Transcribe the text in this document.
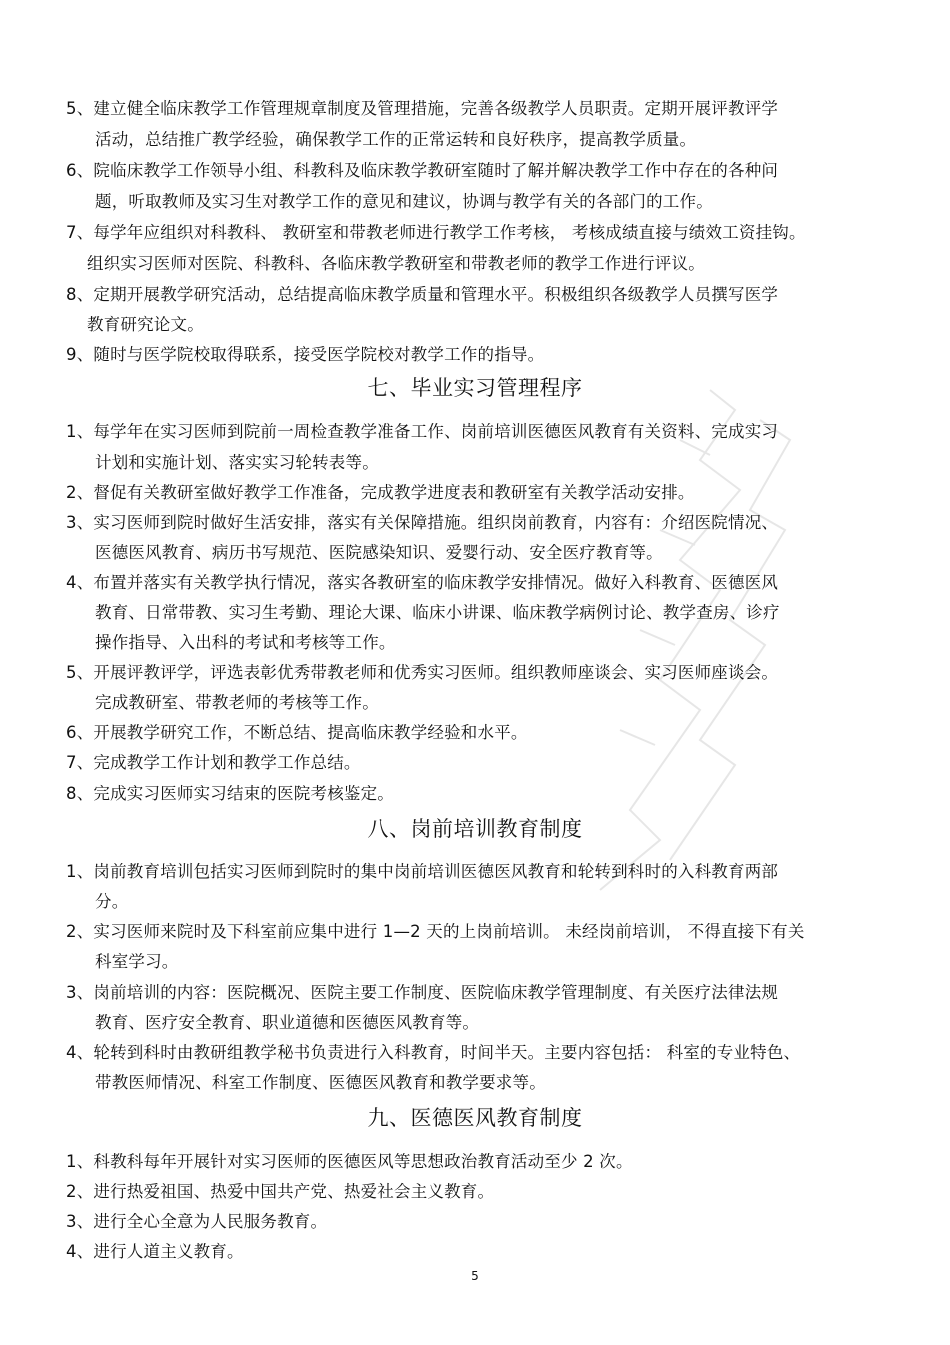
5、建立健全临床教学工作管理规章制度及管理措施，完善各级教学人员职责。定期开展评教评学
活动，总结推广教学经验，确保教学工作的正常运转和良好秩序，提高教学质量。
6、院临床教学工作领导小组、科教科及临床教学教研室随时了解并解决教学工作中存在的各种问
题，听取教师及实习生对教学工作的意见和建议，协调与教学有关的各部门的工作。
7、每学年应组织对科教科、 教研室和带教老师进行教学工作考核， 考核成绩直接与绩效工资挂钩。
组织实习医师对医院、科教科、各临床教学教研室和带教老师的教学工作进行评议。
8、定期开展教学研究活动，总结提高临床教学质量和管理水平。积极组织各级教学人员撰写医学
教育研究论文。
9、随时与医学院校取得联系，接受医学院校对教学工作的指导。
七、毕业实习管理程序
1、每学年在实习医师到院前一周检查教学准备工作、岗前培训医德医风教育有关资料、完成实习
计划和实施计划、落实实习轮转表等。
2、督促有关教研室做好教学工作准备，完成教学进度表和教研室有关教学活动安排。
3、实习医师到院时做好生活安排，落实有关保障措施。组织岗前教育，内容有：介绍医院情况、
医德医风教育、病历书写规范、医院感染知识、爱婴行动、安全医疗教育等。
4、布置并落实有关教学执行情况，落实各教研室的临床教学安排情况。做好入科教育、医德医风
教育、日常带教、实习生考勤、理论大课、临床小讲课、临床教学病例讨论、教学查房、诊疗
操作指导、入出科的考试和考核等工作。
5、开展评教评学，评选表彰优秀带教老师和优秀实习医师。组织教师座谈会、实习医师座谈会。
完成教研室、带教老师的考核等工作。
6、开展教学研究工作，不断总结、提高临床教学经验和水平。
7、完成教学工作计划和教学工作总结。
8、完成实习医师实习结束的医院考核鉴定。
八、岗前培训教育制度
1、岗前教育培训包括实习医师到院时的集中岗前培训医德医风教育和轮转到科时的入科教育两部
分。
2、实习医师来院时及下科室前应集中进行 1—2 天的上岗前培训。 未经岗前培训， 不得直接下有关
科室学习。
3、岗前培训的内容：医院概况、医院主要工作制度、医院临床教学管理制度、有关医疗法律法规
教育、医疗安全教育、职业道德和医德医风教育等。
4、轮转到科时由教研组教学秘书负责进行入科教育，时间半天。主要内容包括： 科室的专业特色、
带教医师情况、科室工作制度、医德医风教育和教学要求等。
九、医德医风教育制度
1、科教科每年开展针对实习医师的医德医风等思想政治教育活动至少 2 次。
2、进行热爱祖国、热爱中国共产党、热爱社会主义教育。
3、进行全心全意为人民服务教育。
4、进行人道主义教育。
5
